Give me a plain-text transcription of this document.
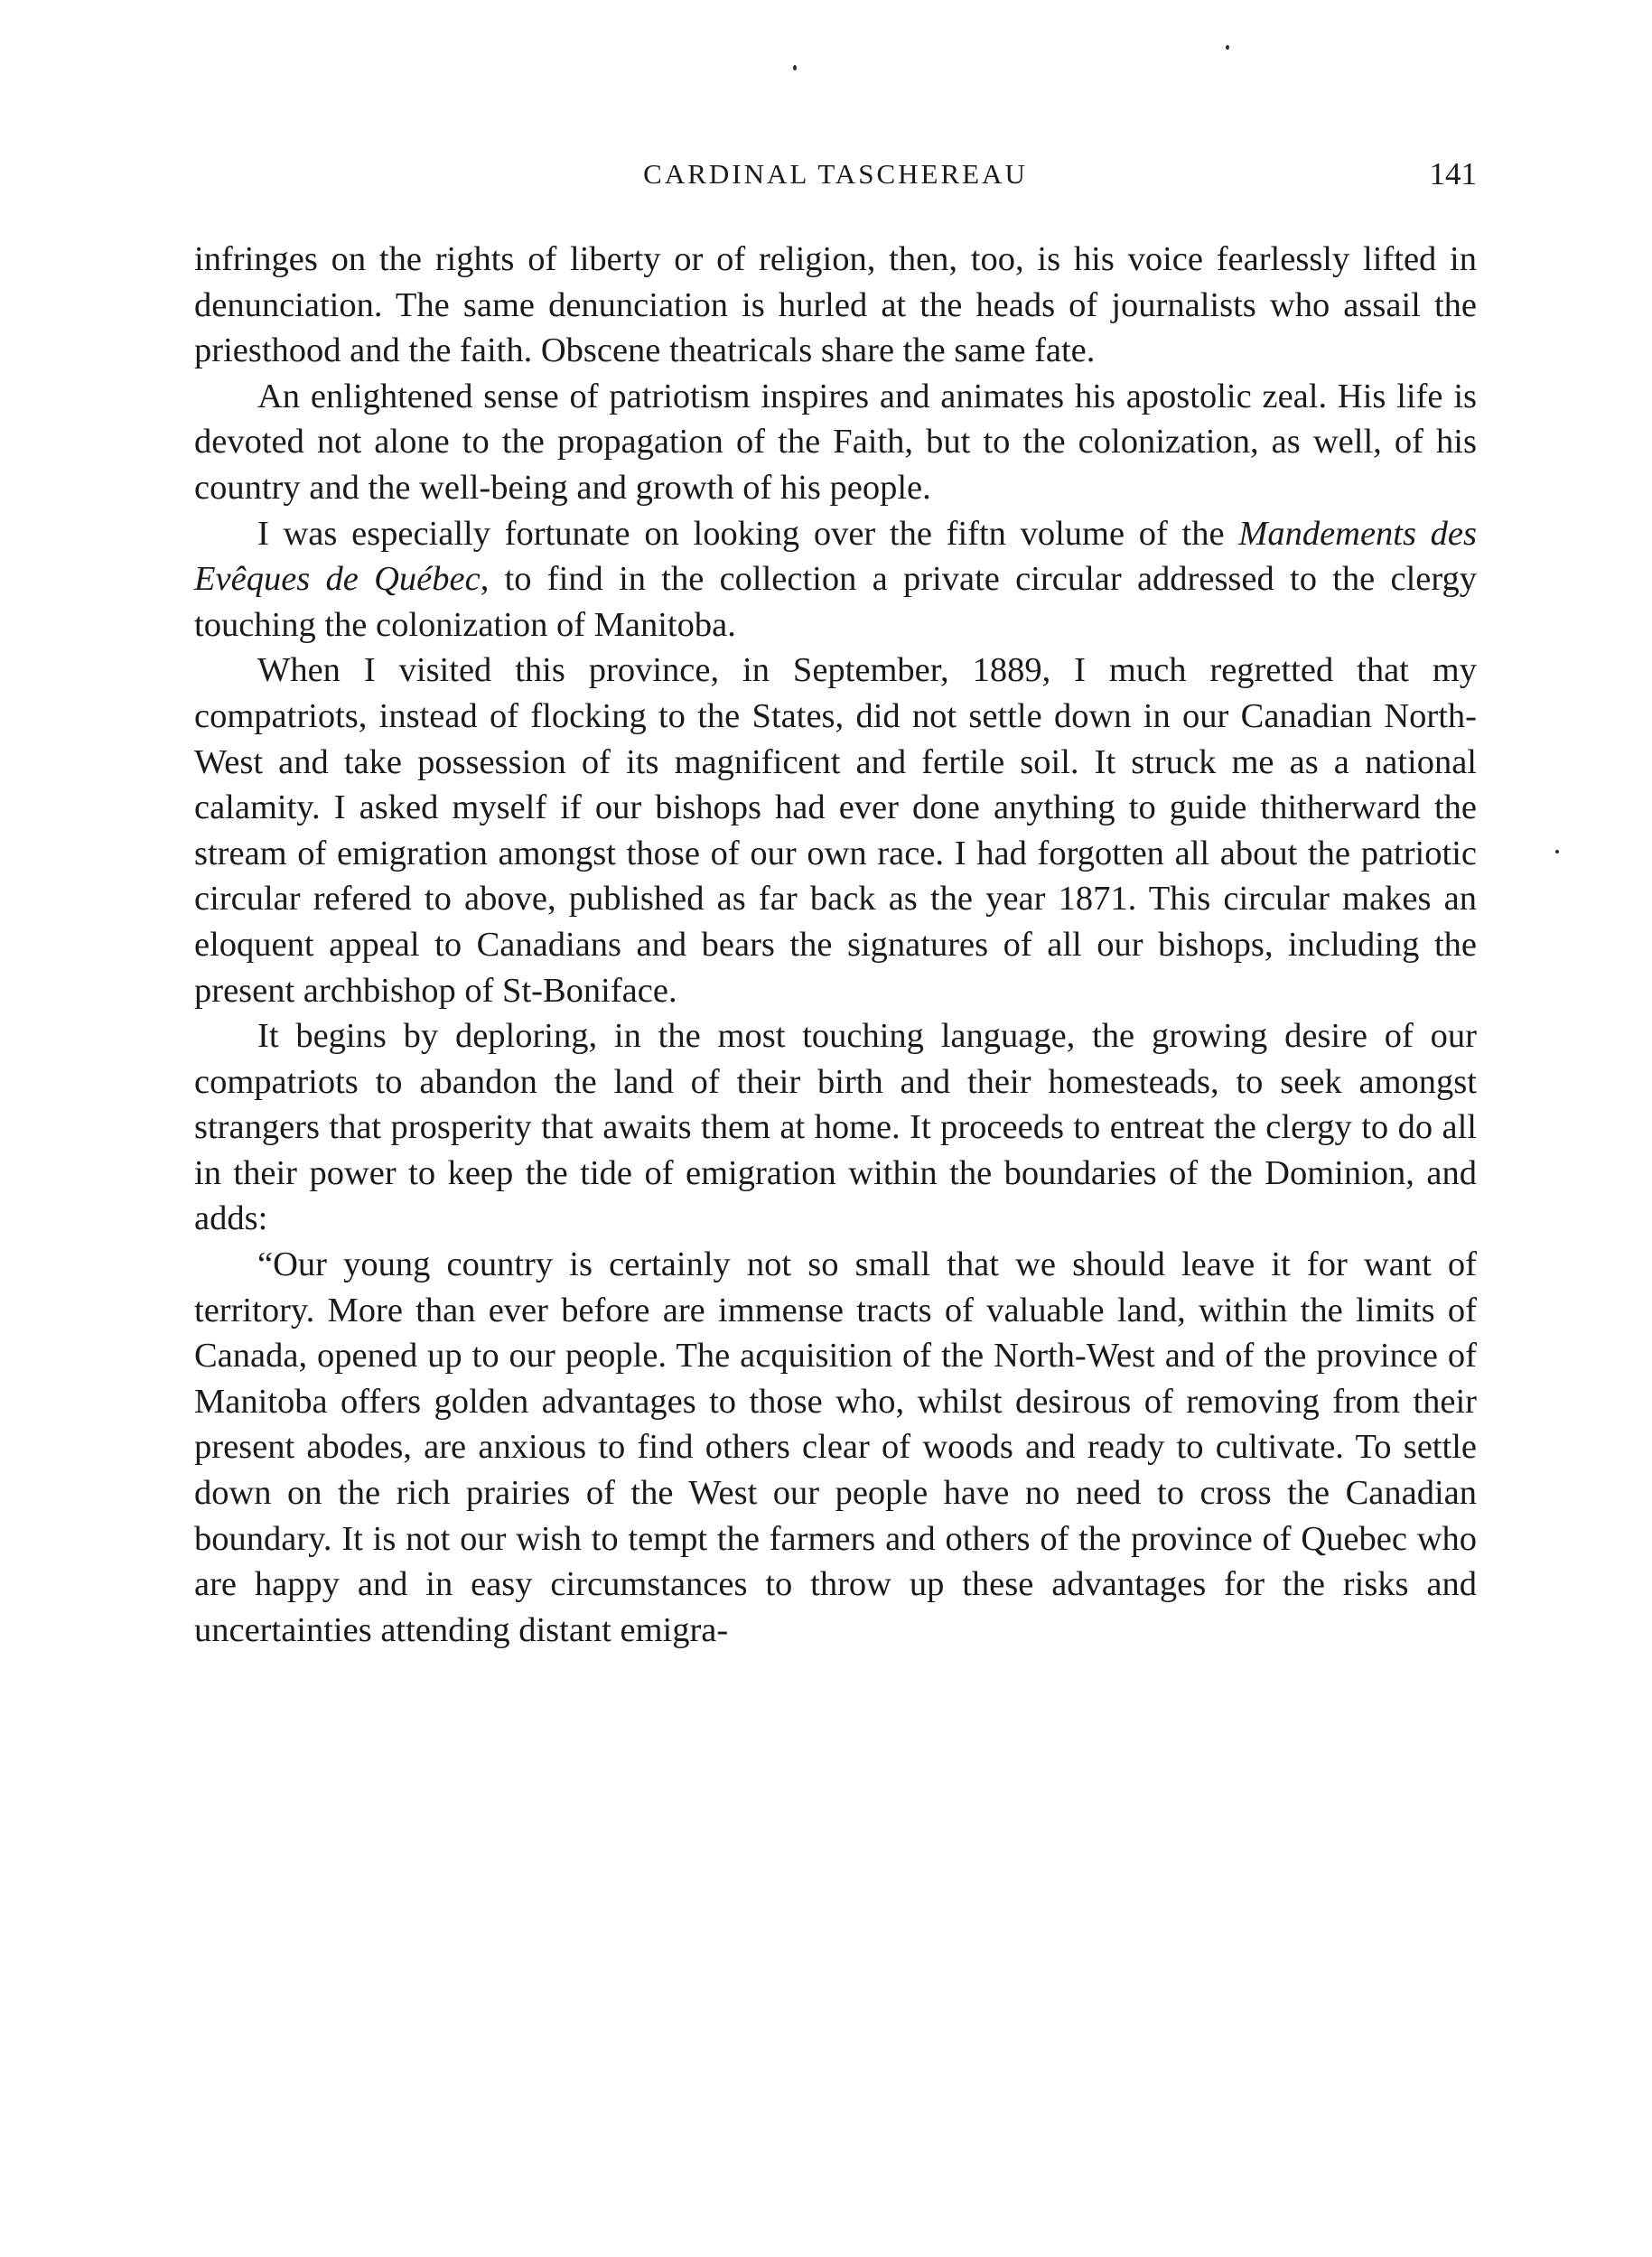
CARDINAL TASCHEREAU	141

infringes on the rights of liberty or of religion, then, too, is his voice fearlessly lifted in denunciation. The same denunciation is hurled at the heads of journalists who assail the priesthood and the faith. Obscene theatricals share the same fate.

An enlightened sense of patriotism inspires and animates his apostolic zeal. His life is devoted not alone to the propagation of the Faith, but to the colonization, as well, of his country and the well-being and growth of his people.

I was especially fortunate on looking over the fiftn volume of the Mandements des Evêques de Québec, to find in the collection a private circular addressed to the clergy touching the colonization of Manitoba.

When I visited this province, in September, 1889, I much regretted that my compatriots, instead of flocking to the States, did not settle down in our Canadian North-West and take possession of its magnificent and fertile soil. It struck me as a national calamity. I asked myself if our bishops had ever done anything to guide thitherward the stream of emigration amongst those of our own race. I had forgotten all about the patriotic circular refered to above, published as far back as the year 1871. This circular makes an eloquent appeal to Canadians and bears the signatures of all our bishops, including the present archbishop of St-Boniface.

It begins by deploring, in the most touching language, the growing desire of our compatriots to abandon the land of their birth and their homesteads, to seek amongst strangers that prosperity that awaits them at home. It proceeds to entreat the clergy to do all in their power to keep the tide of emigration within the boundaries of the Dominion, and adds:

“Our young country is certainly not so small that we should leave it for want of territory. More than ever before are immense tracts of valuable land, within the limits of Canada, opened up to our people. The acquisition of the North-West and of the province of Manitoba offers golden advantages to those who, whilst desirous of removing from their present abodes, are anxious to find others clear of woods and ready to cultivate. To settle down on the rich prairies of the West our people have no need to cross the Canadian boundary. It is not our wish to tempt the farmers and others of the province of Quebec who are happy and in easy circumstances to throw up these advantages for the risks and uncertainties attending distant emigra-
